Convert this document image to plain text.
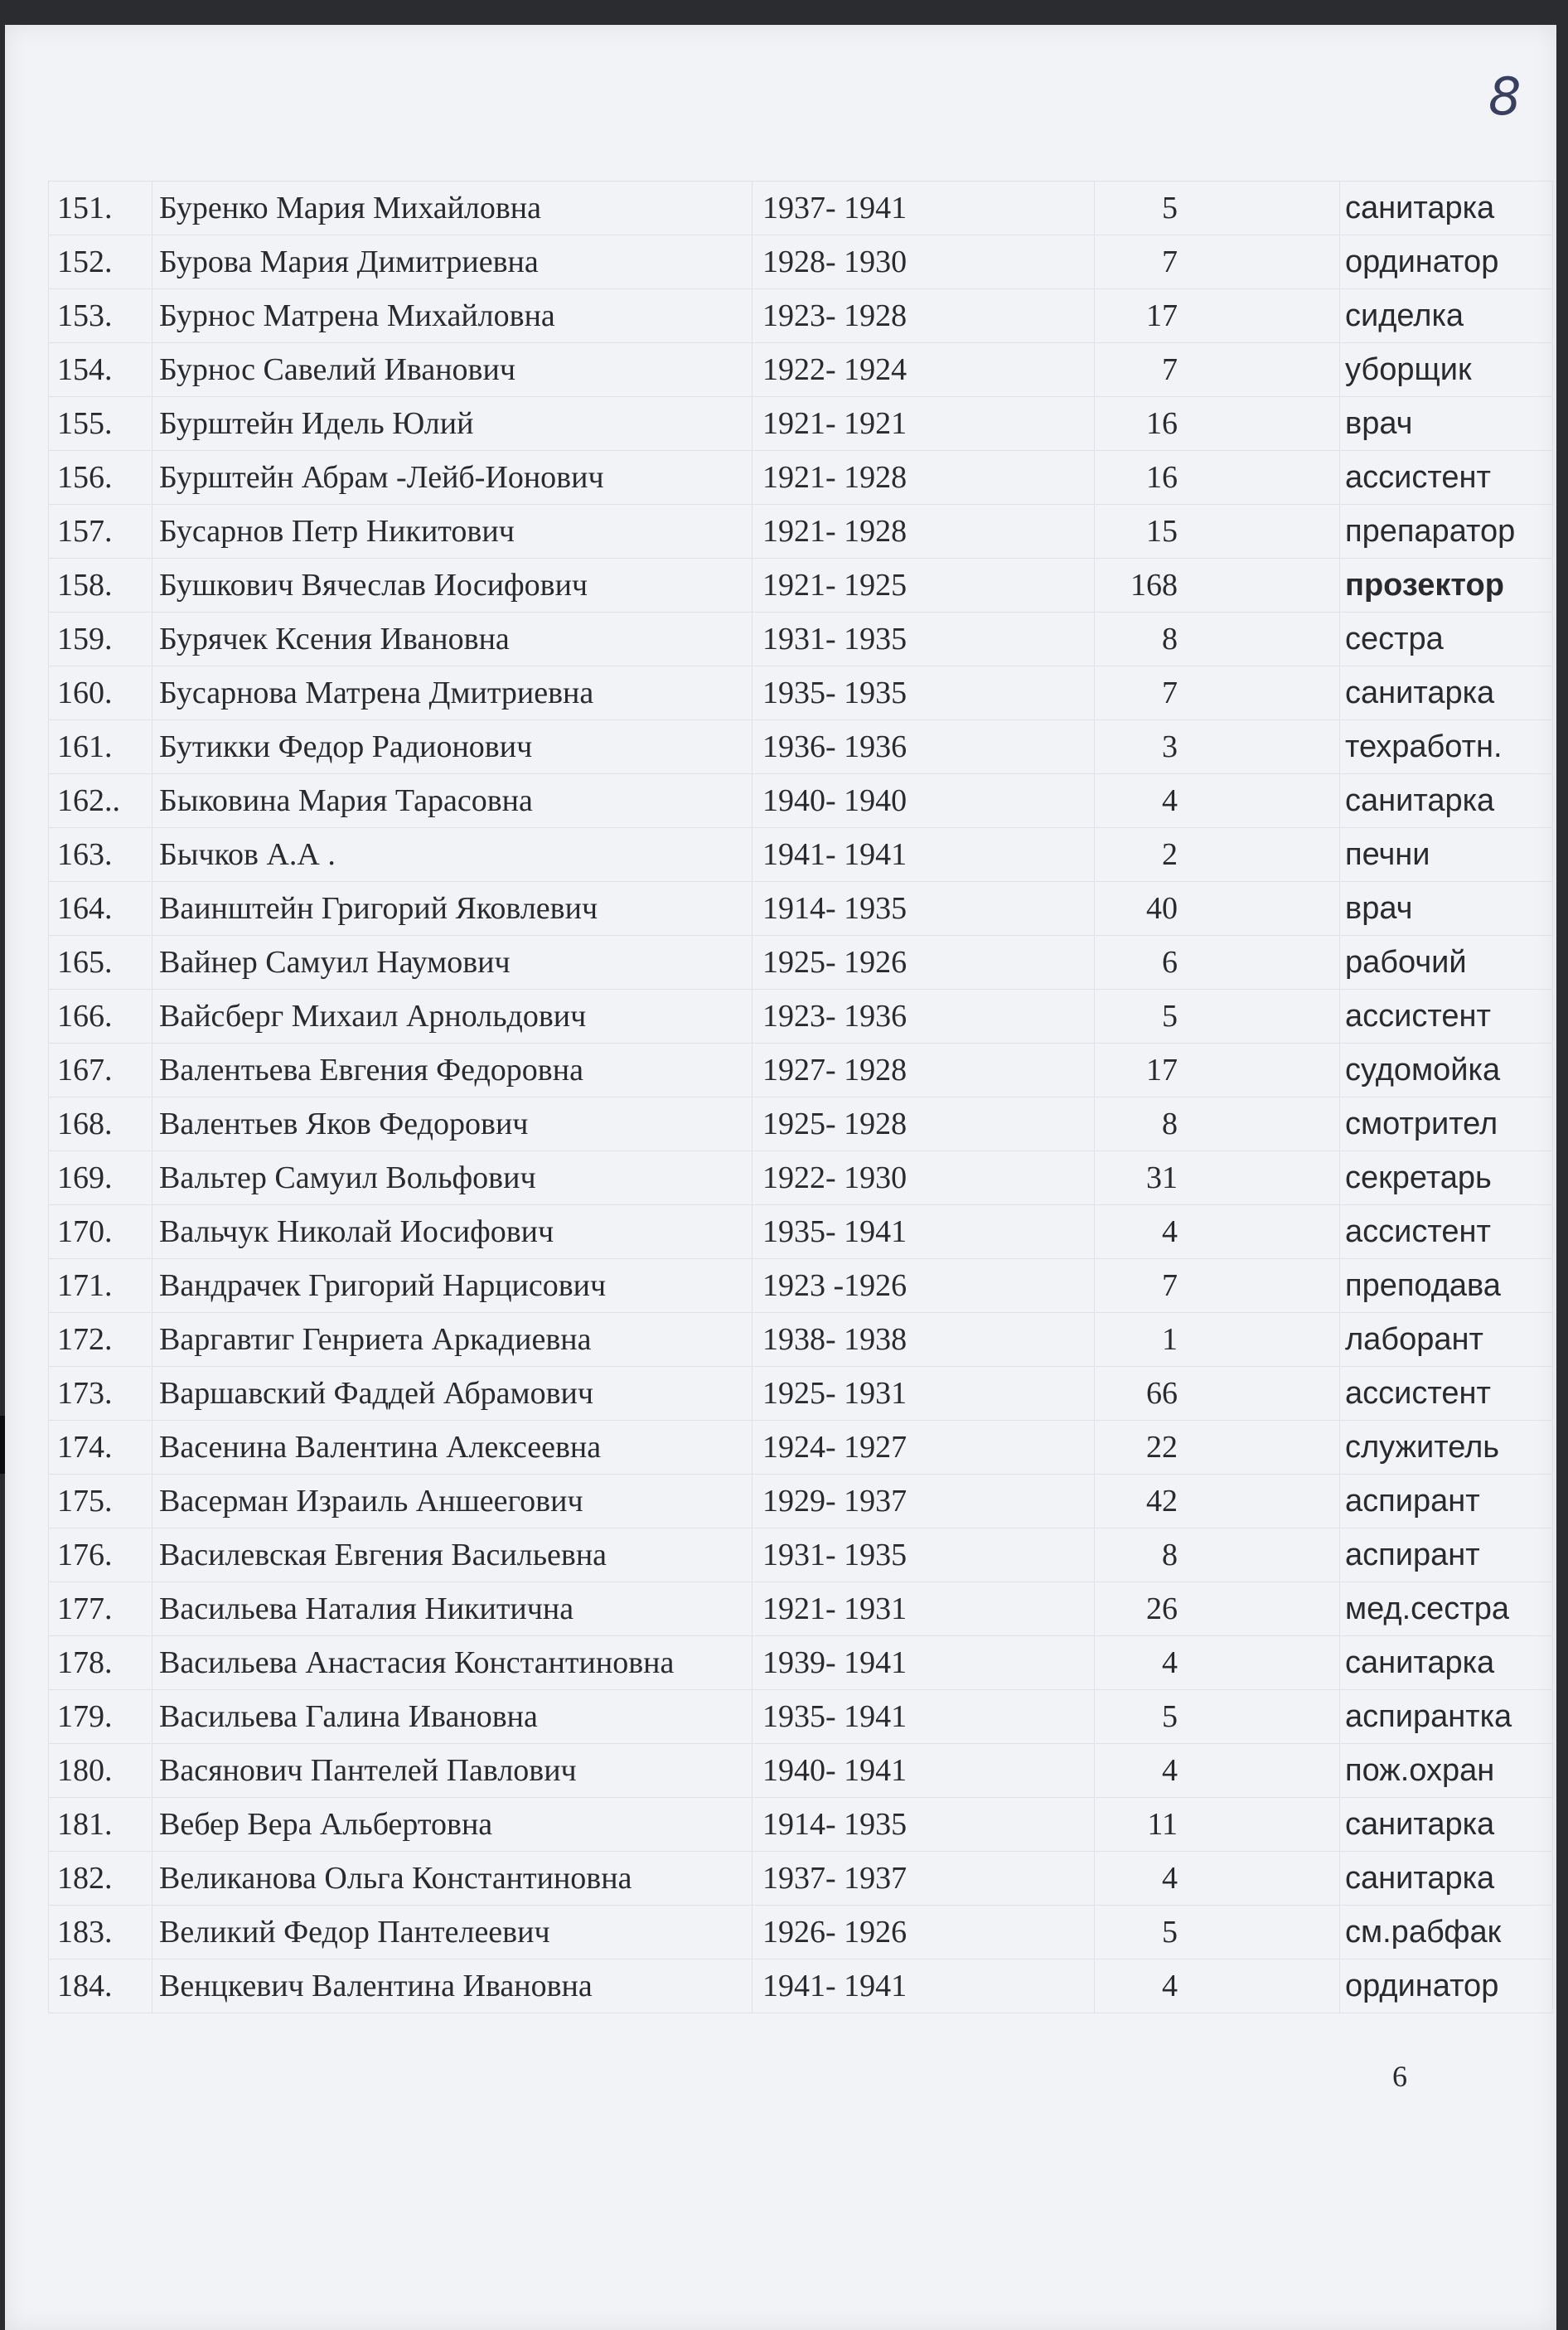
8
151.	Буренко Мария Михайловна	1937- 1941	5	санитарка
152.	Бурова Мария Димитриевна	1928- 1930	7	ординатор
153.	Бурнос Матрена Михайловна	1923- 1928	17	сиделка
154.	Бурнос Савелий Иванович	1922- 1924	7	уборщик
155.	Бурштейн Идель Юлий	1921- 1921	16	врач
156.	Бурштейн Абрам -Лейб-Ионович	1921- 1928	16	ассистент
157.	Бусарнов Петр Никитович	1921- 1928	15	препаратор
158.	Бушкович Вячеслав Иосифович	1921- 1925	168	прозектор
159.	Бурячек Ксения Ивановна	1931- 1935	8	сестра
160.	Бусарнова Матрена Дмитриевна	1935- 1935	7	санитарка
161.	Бутикки Федор Радионович	1936- 1936	3	техработн.
162..	Быковина Мария Тарасовна	1940- 1940	4	санитарка
163.	Бычков А.А .	1941- 1941	2	печни
164.	Ваинштейн Григорий Яковлевич	1914- 1935	40	врач
165.	Вайнер Самуил Наумович	1925- 1926	6	рабочий
166.	Вайсберг Михаил Арнольдович	1923- 1936	5	ассистент
167.	Валентьева Евгения Федоровна	1927- 1928	17	судомойка
168.	Валентьев Яков Федорович	1925- 1928	8	смотрител
169.	Вальтер Самуил Вольфович	1922- 1930	31	секретарь
170.	Вальчук Николай Иосифович	1935- 1941	4	ассистент
171.	Вандрачек Григорий Нарцисович	1923 -1926	7	преподава
172.	Варгавтиг Генриета Аркадиевна	1938- 1938	1	лаборант
173.	Варшавский Фаддей Абрамович	1925- 1931	66	ассистент
174.	Васенина Валентина Алексеевна	1924- 1927	22	служитель
175.	Васерман Израиль Аншеегович	1929- 1937	42	аспирант
176.	Василевская Евгения Васильевна	1931- 1935	8	аспирант
177.	Васильева Наталия Никитична	1921- 1931	26	мед.сестра
178.	Васильева Анастасия Константиновна	1939- 1941	4	санитарка
179.	Васильева Галина Ивановна	1935- 1941	5	аспирантка
180.	Васянович Пантелей Павлович	1940- 1941	4	пож.охран
181.	Вебер Вера Альбертовна	1914- 1935	11	санитарка
182.	Великанова Ольга Константиновна	1937- 1937	4	санитарка
183.	Великий Федор Пантелеевич	1926- 1926	5	см.рабфак
184.	Венцкевич Валентина Ивановна	1941- 1941	4	ординатор
6
